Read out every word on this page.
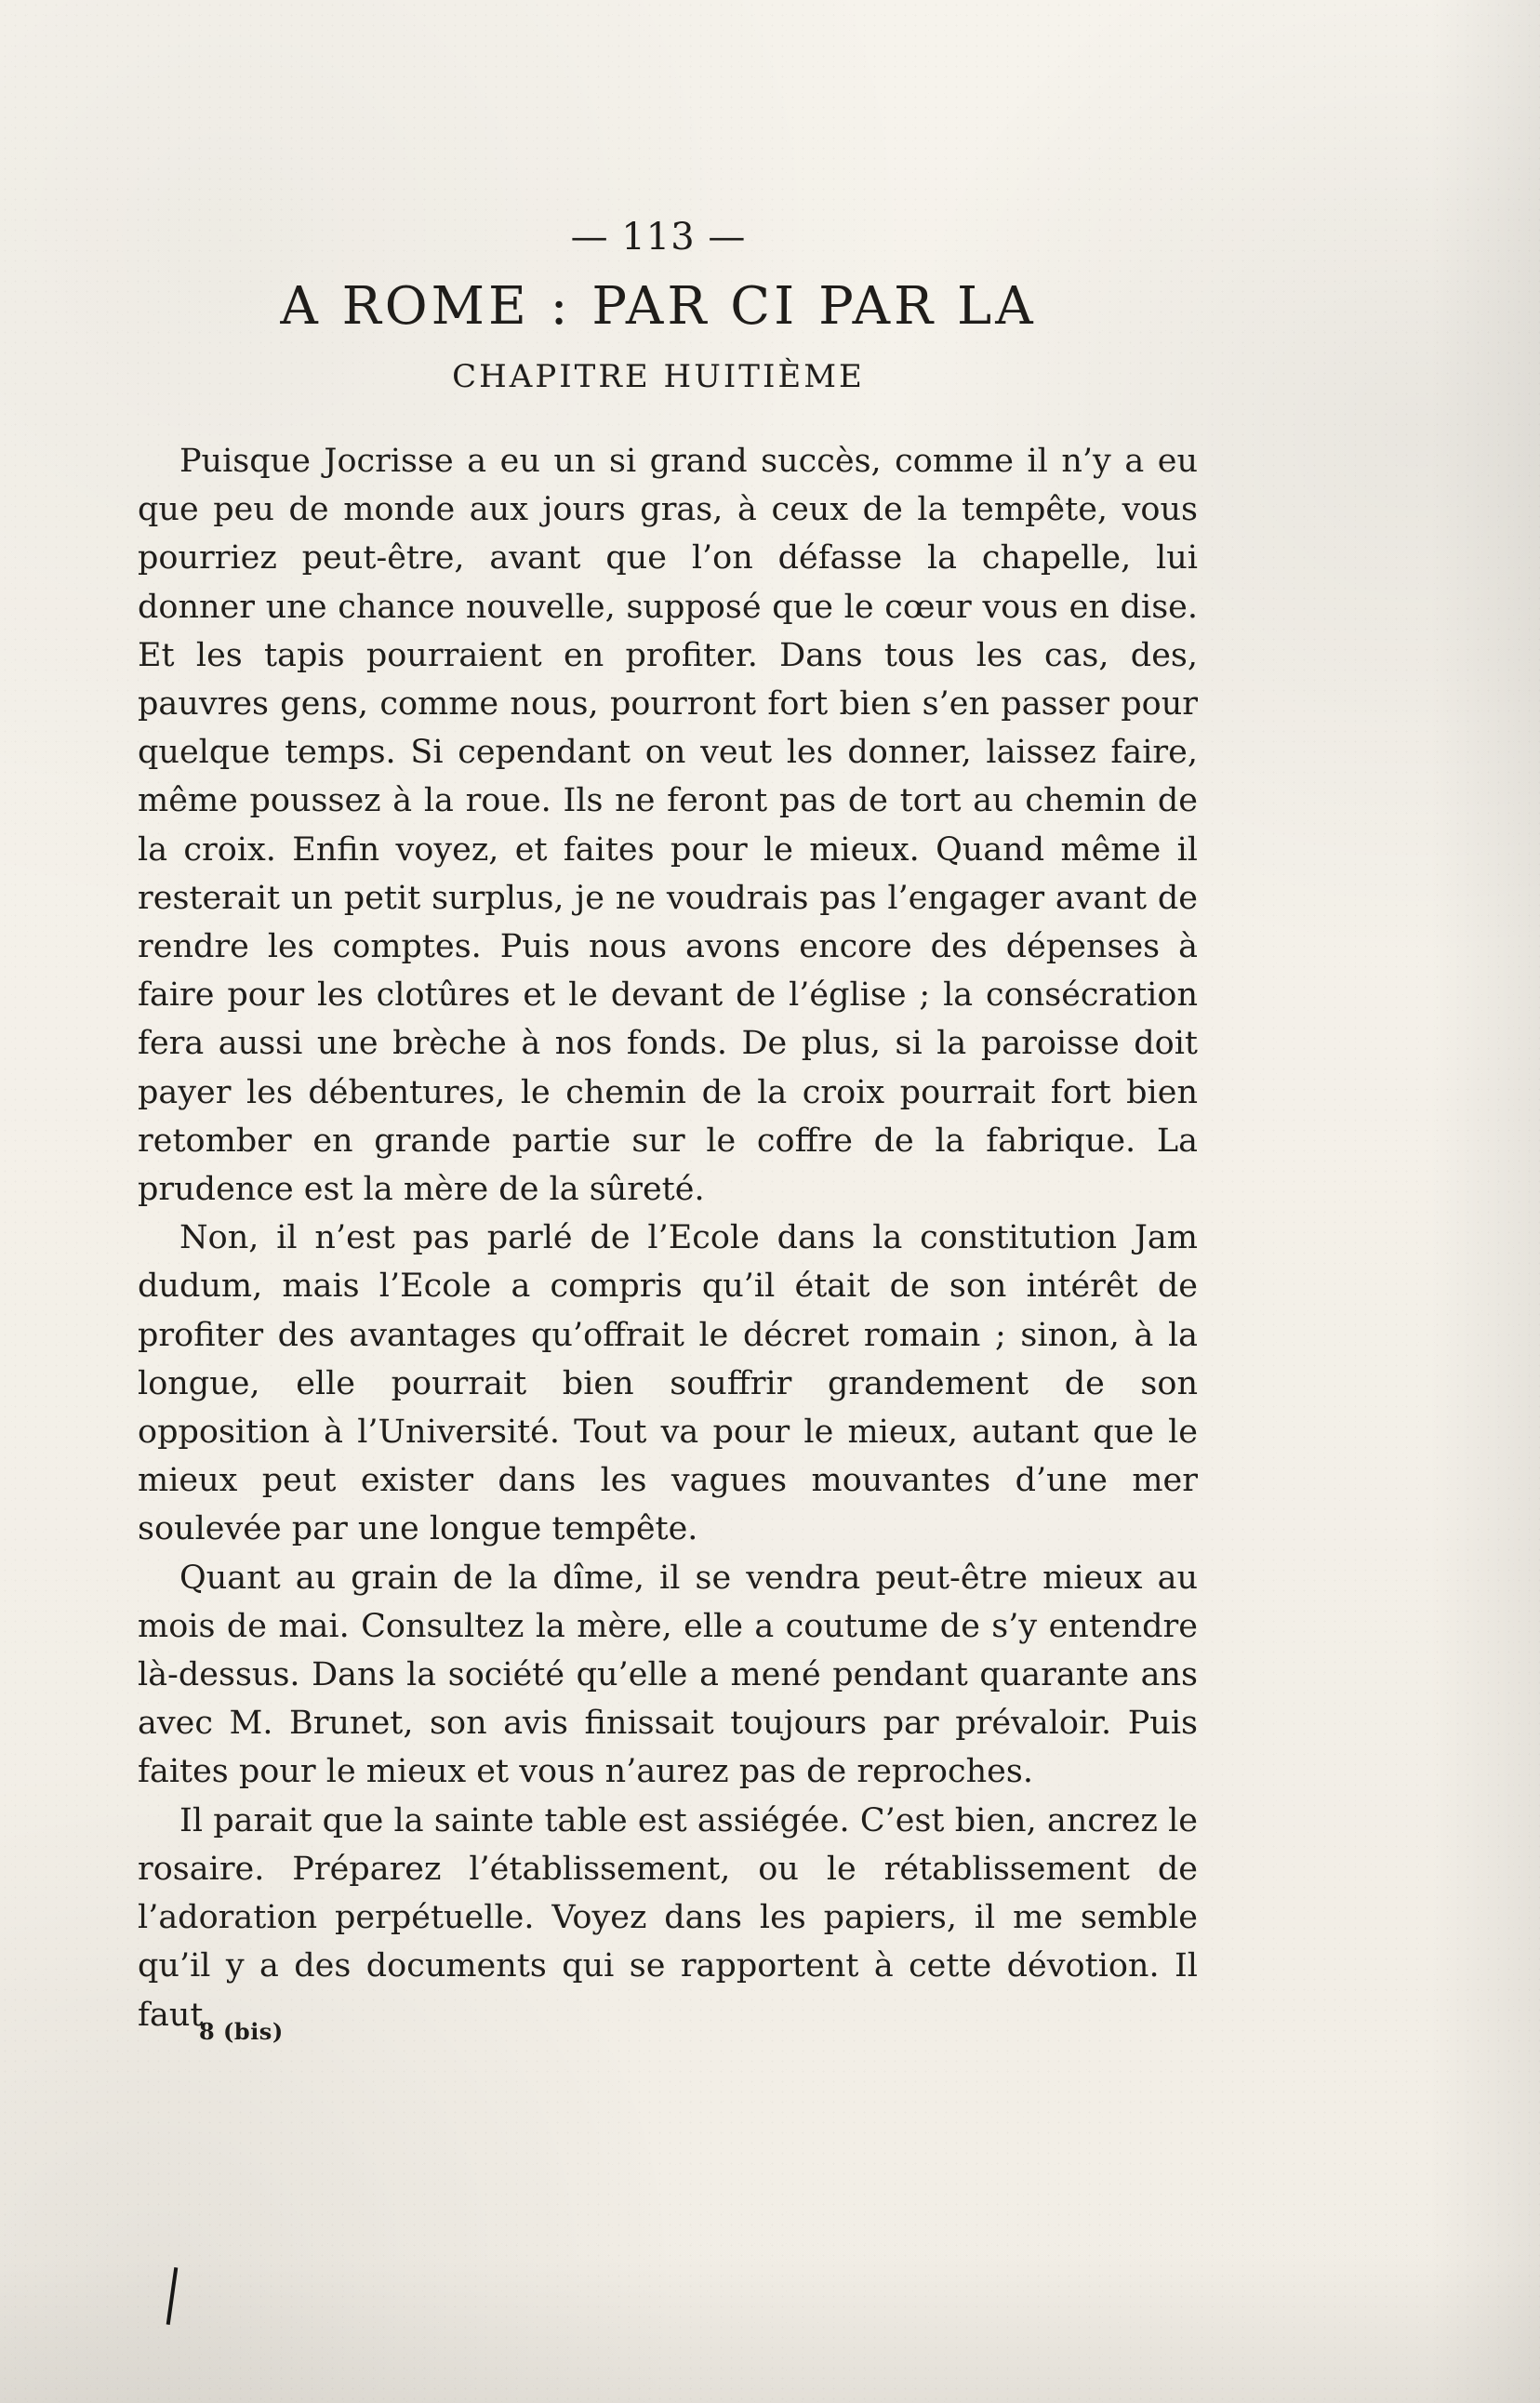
— 113 —
A ROME : PAR CI PAR LA
CHAPITRE HUITIÈME

Puisque Jocrisse a eu un si grand succès, comme il n’y a eu que peu de monde aux jours gras, à ceux de la tempête, vous pourriez peut-être, avant que l’on défasse la chapelle, lui donner une chance nouvelle, supposé que le cœur vous en dise. Et les tapis pourraient en profiter. Dans tous les cas, des, pauvres gens, comme nous, pourront fort bien s’en passer pour quelque temps. Si cependant on veut les donner, laissez faire, même poussez à la roue. Ils ne feront pas de tort au chemin de la croix. Enfin voyez, et faites pour le mieux. Quand même il resterait un petit surplus, je ne voudrais pas l’engager avant de rendre les comptes. Puis nous avons encore des dépenses à faire pour les clotûres et le devant de l’église ; la consécration fera aussi une brèche à nos fonds. De plus, si la paroisse doit payer les débentures, le chemin de la croix pourrait fort bien retomber en grande partie sur le coffre de la fabrique. La prudence est la mère de la sûreté.

Non, il n’est pas parlé de l’Ecole dans la constitution Jam dudum, mais l’Ecole a compris qu’il était de son intérêt de profiter des avantages qu’offrait le décret romain ; sinon, à la longue, elle pourrait bien souffrir grandement de son opposition à l’Université. Tout va pour le mieux, autant que le mieux peut exister dans les vagues mouvantes d’une mer soulevée par une longue tempête.

Quant au grain de la dîme, il se vendra peut-être mieux au mois de mai. Consultez la mère, elle a coutume de s’y entendre là-dessus. Dans la société qu’elle a mené pendant quarante ans avec M. Brunet, son avis finissait toujours par prévaloir. Puis faites pour le mieux et vous n’aurez pas de reproches.

Il parait que la sainte table est assiégée. C’est bien, ancrez le rosaire. Préparez l’établissement, ou le rétablissement de l’adoration perpétuelle. Voyez dans les papiers, il me semble qu’il y a des documents qui se rapportent à cette dévotion. Il faut

8 (bis)
